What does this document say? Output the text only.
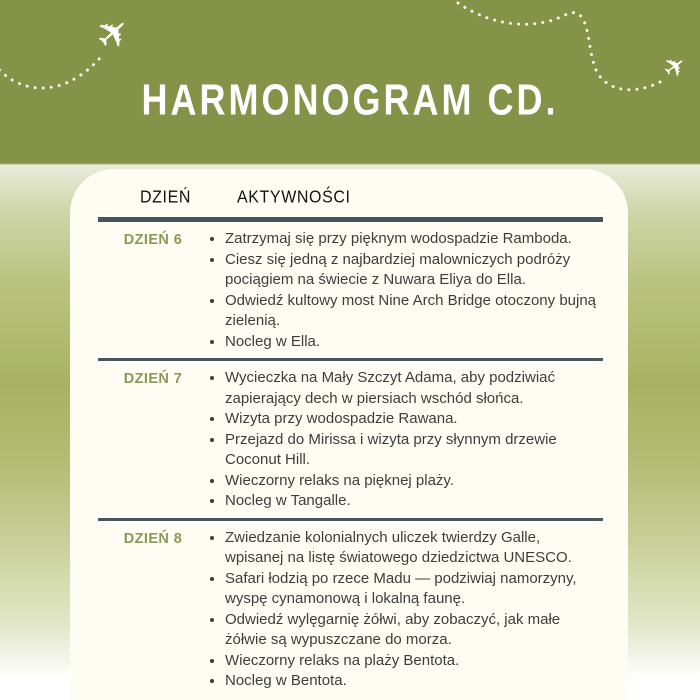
✈
✈
HARMONOGRAM CD.
DZIEŃ	AKTYWNOŚCI
DZIEŃ 6	• Zatrzymaj się przy pięknym wodospadzie Ramboda.
• Ciesz się jedną z najbardziej malowniczych podróży pociągiem na świecie z Nuwara Eliya do Ella.
• Odwiedź kultowy most Nine Arch Bridge otoczony bujną zielenią.
• Nocleg w Ella.
DZIEŃ 7	• Wycieczka na Mały Szczyt Adama, aby podziwiać zapierający dech w piersiach wschód słońca.
• Wizyta przy wodospadzie Rawana.
• Przejazd do Mirissa i wizyta przy słynnym drzewie Coconut Hill.
• Wieczorny relaks na pięknej plaży.
• Nocleg w Tangalle.
DZIEŃ 8	• Zwiedzanie kolonialnych uliczek twierdzy Galle, wpisanej na listę światowego dziedzictwa UNESCO.
• Safari łodzią po rzece Madu — podziwiaj namorzyny, wyspę cynamonową i lokalną faunę.
• Odwiedź wylęgarnię żółwi, aby zobaczyć, jak małe żółwie są wypuszczane do morza.
• Wieczorny relaks na plaży Bentota.
• Nocleg w Bentota.
